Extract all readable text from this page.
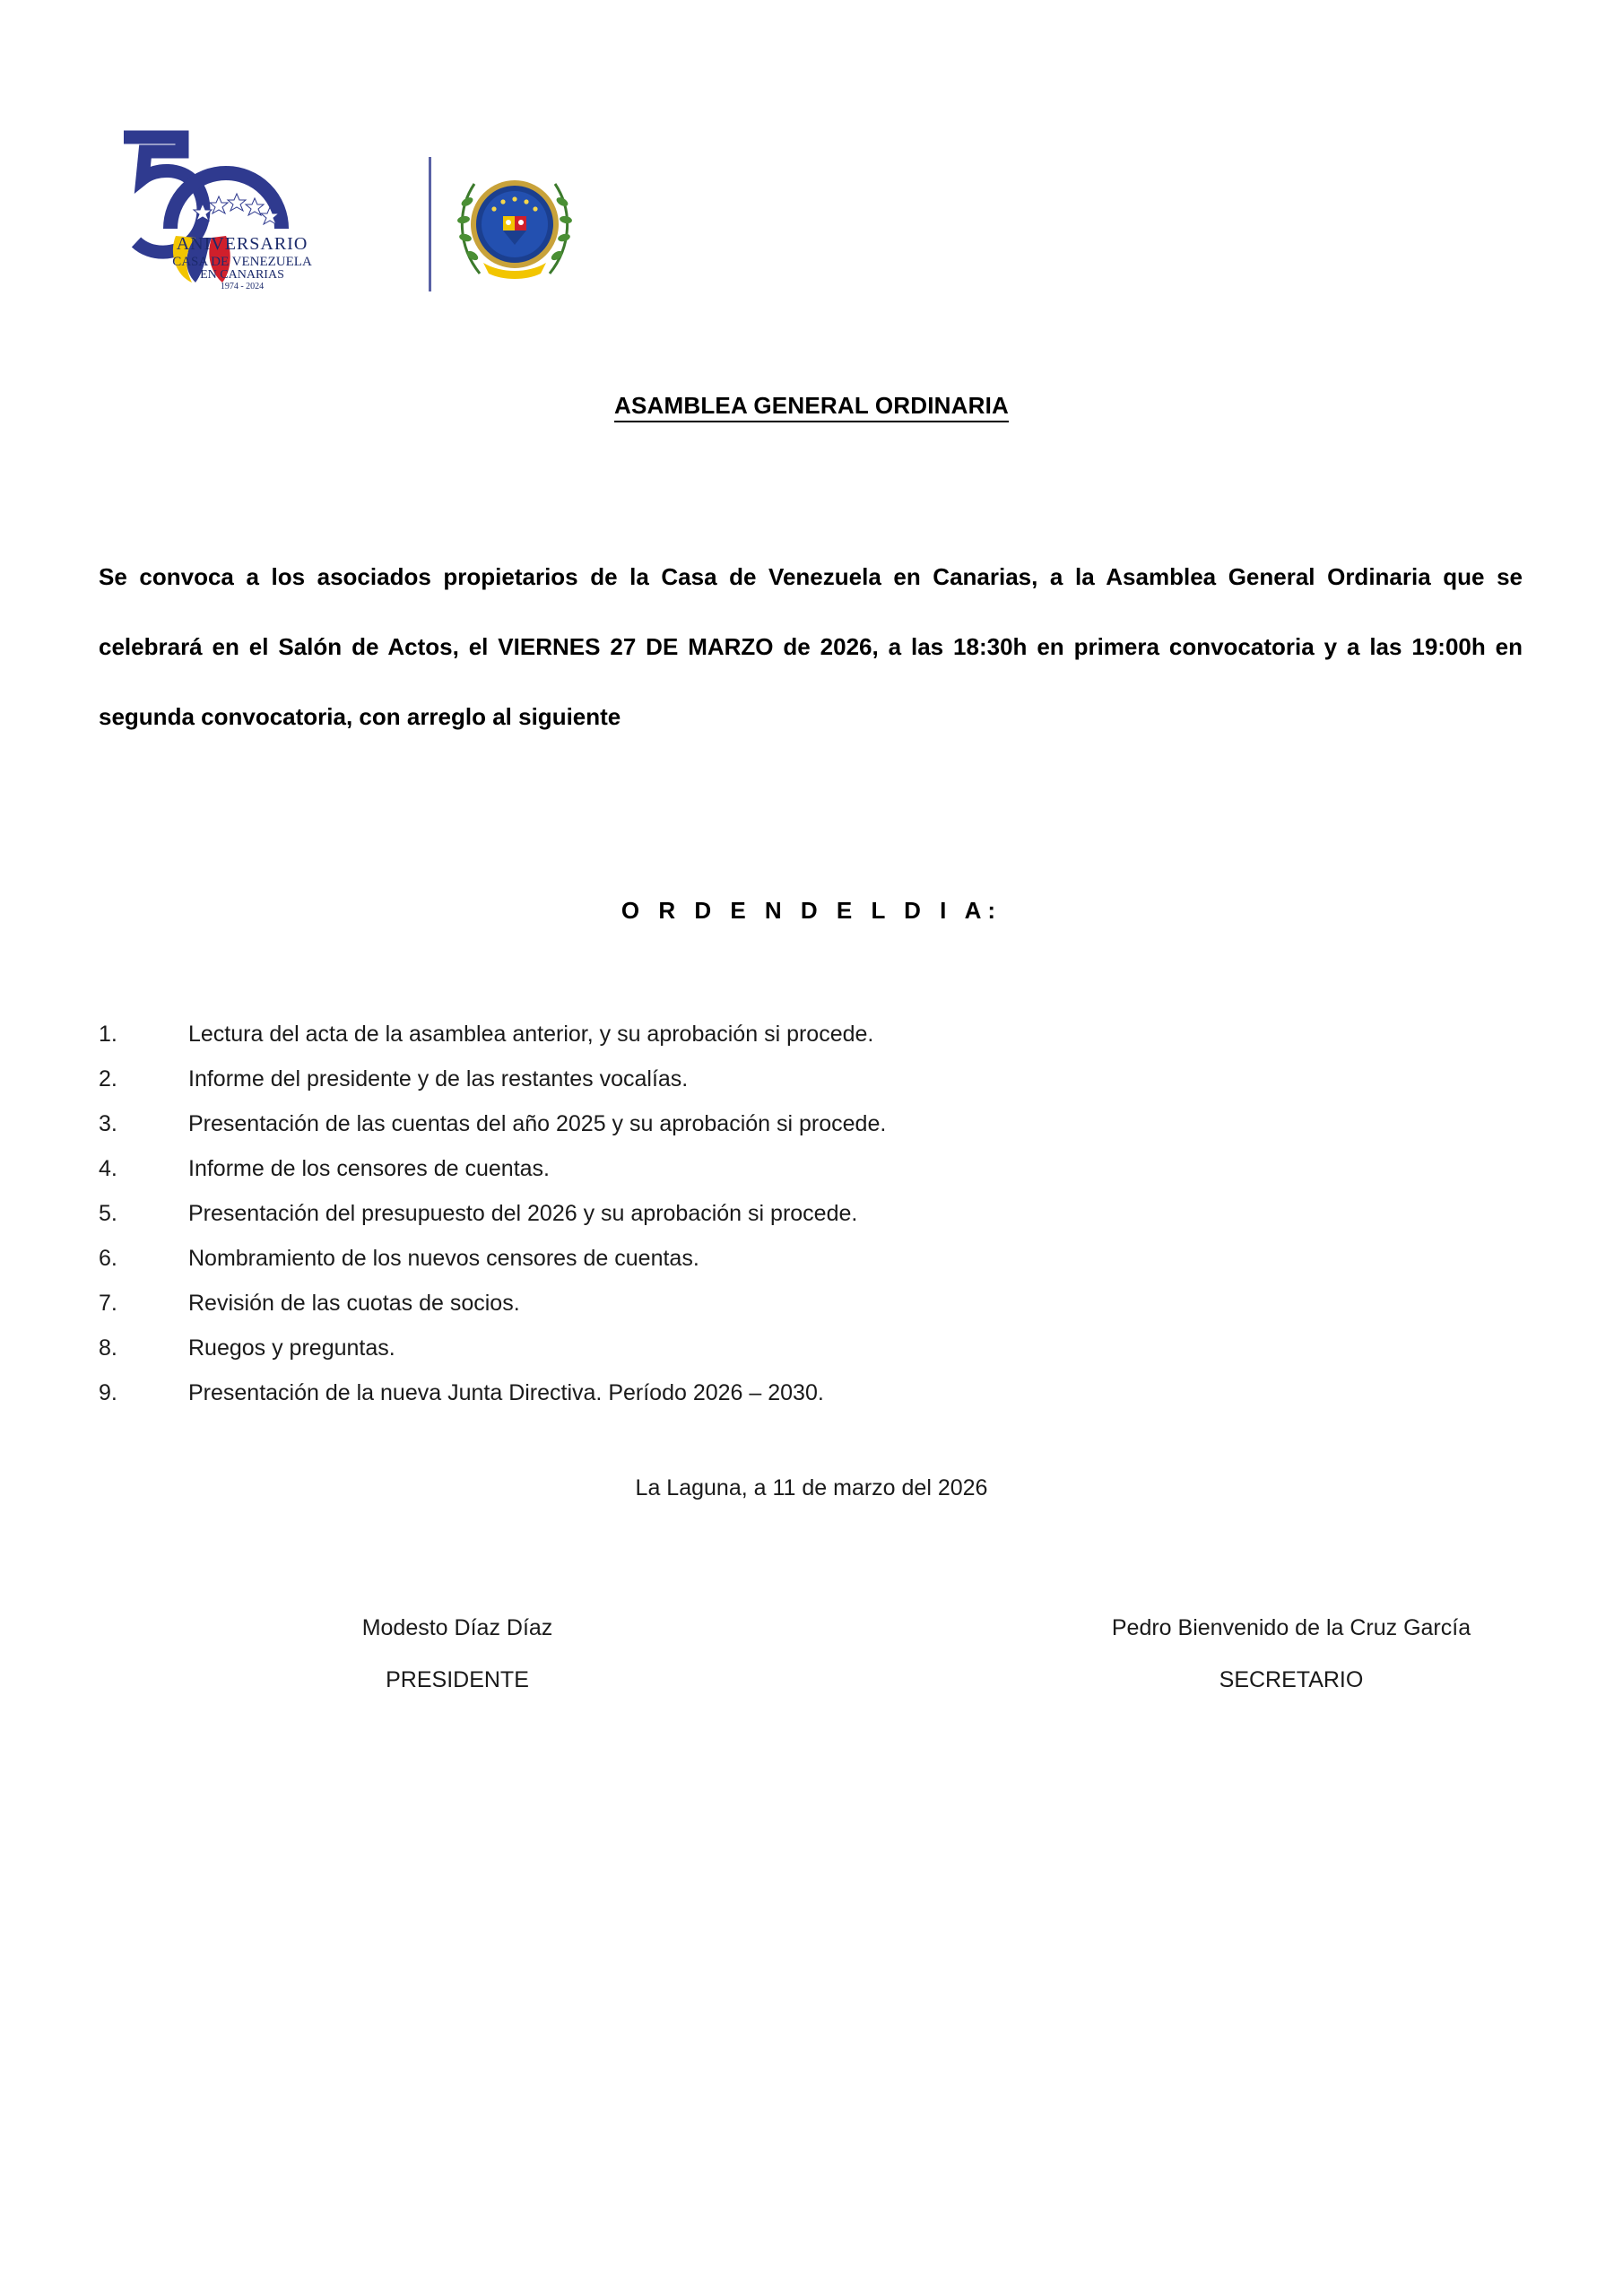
ANIVERSARIO
CASA DE VENEZUELA
EN CANARIAS
1974 - 2024
ASAMBLEA GENERAL ORDINARIA

Se convoca a los asociados propietarios de la Casa de Venezuela en Canarias, a la Asamblea General Ordinaria que se celebrará en el Salón de Actos, el VIERNES 27 DE MARZO de 2026, a las 18:30h en primera convocatoria y a las 19:00h en segunda convocatoria, con arreglo al siguiente

O R D E N D E L D I A:
1.	Lectura del acta de la asamblea anterior, y su aprobación si procede.
2.	Informe del presidente y de las restantes vocalías.
3.	Presentación de las cuentas del año 2025 y su aprobación si procede.
4.	Informe de los censores de cuentas.
5.	Presentación del presupuesto del 2026 y su aprobación si procede.
6.	Nombramiento de los nuevos censores de cuentas.
7.	Revisión de las cuotas de socios.
8.	Ruegos y preguntas.
9.	Presentación de la nueva Junta Directiva. Período 2026 – 2030.
La Laguna, a 11 de marzo del 2026
Modesto Díaz Díaz
PRESIDENTE
Pedro Bienvenido de la Cruz García
SECRETARIO
